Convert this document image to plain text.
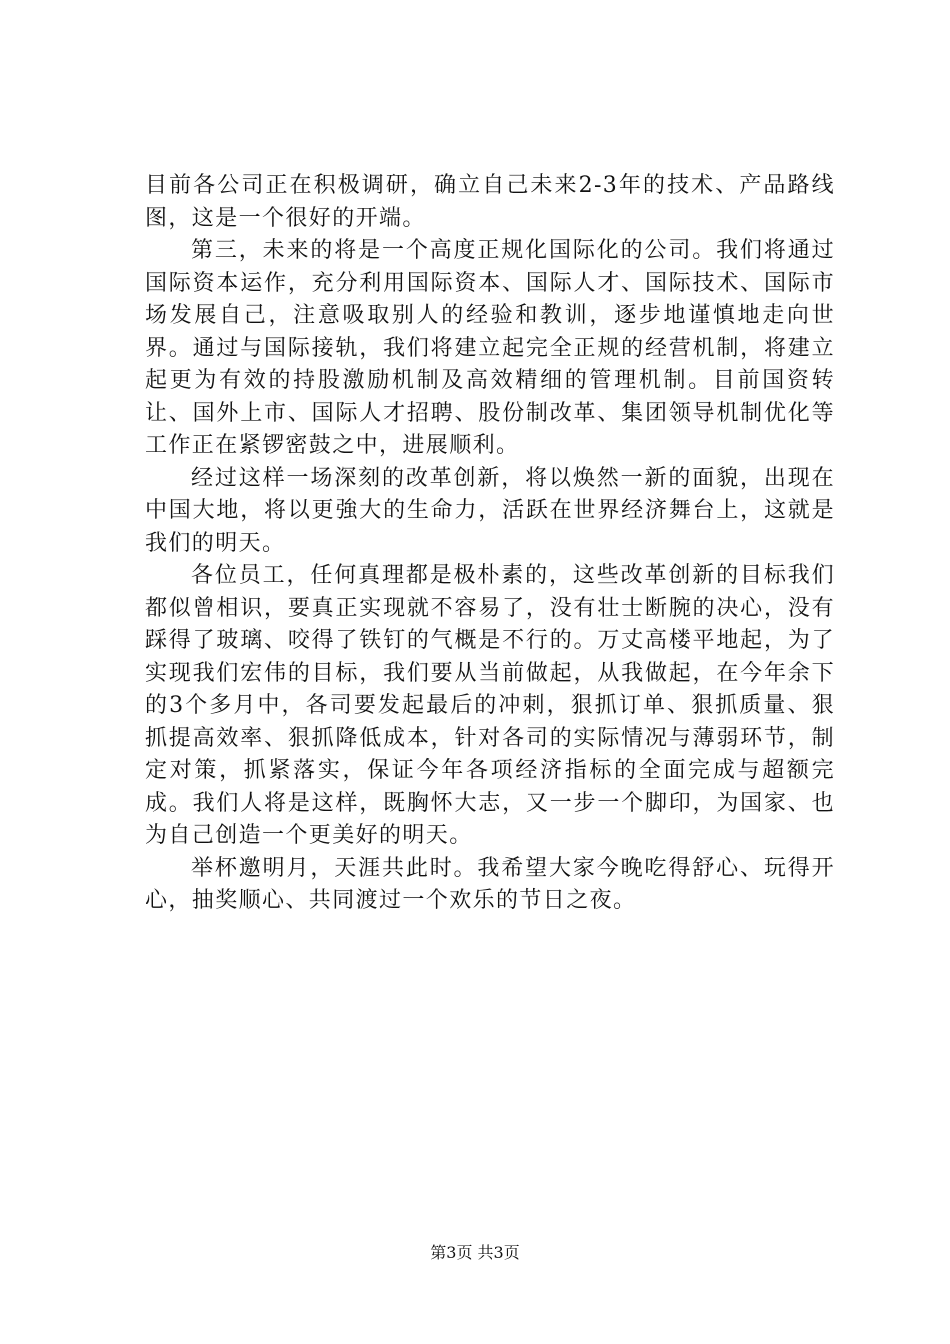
目前各公司正在积极调研，确立自己未来2-3年的技术、产品路线图，这是一个很好的开端。

第三，未来的将是一个高度正规化国际化的公司。我们将通过国际资本运作，充分利用国际资本、国际人才、国际技术、国际市场发展自己，注意吸取别人的经验和教训，逐步地谨慎地走向世界。通过与国际接轨，我们将建立起完全正规的经营机制，将建立起更为有效的持股激励机制及高效精细的管理机制。目前国资转让、国外上市、国际人才招聘、股份制改革、集团领导机制优化等工作正在紧锣密鼓之中，进展顺利。

经过这样一场深刻的改革创新，将以焕然一新的面貌，出现在中国大地，将以更強大的生命力，活跃在世界经济舞台上，这就是我们的明天。

各位员工，任何真理都是极朴素的，这些改革创新的目标我们都似曾相识，要真正实现就不容易了，没有壮士断腕的决心，没有踩得了玻璃、咬得了铁钉的气概是不行的。万丈高楼平地起，为了实现我们宏伟的目标，我们要从当前做起，从我做起，在今年余下的3个多月中，各司要发起最后的冲刺，狠抓订单、狠抓质量、狠抓提高效率、狠抓降低成本，针对各司的实际情况与薄弱环节，制定对策，抓紧落实，保证今年各项经济指标的全面完成与超额完成。我们人将是这样，既胸怀大志，又一步一个脚印，为国家、也为自己创造一个更美好的明天。

举杯邀明月，天涯共此时。我希望大家今晚吃得舒心、玩得开心，抽奖顺心、共同渡过一个欢乐的节日之夜。

第3页 共3页
